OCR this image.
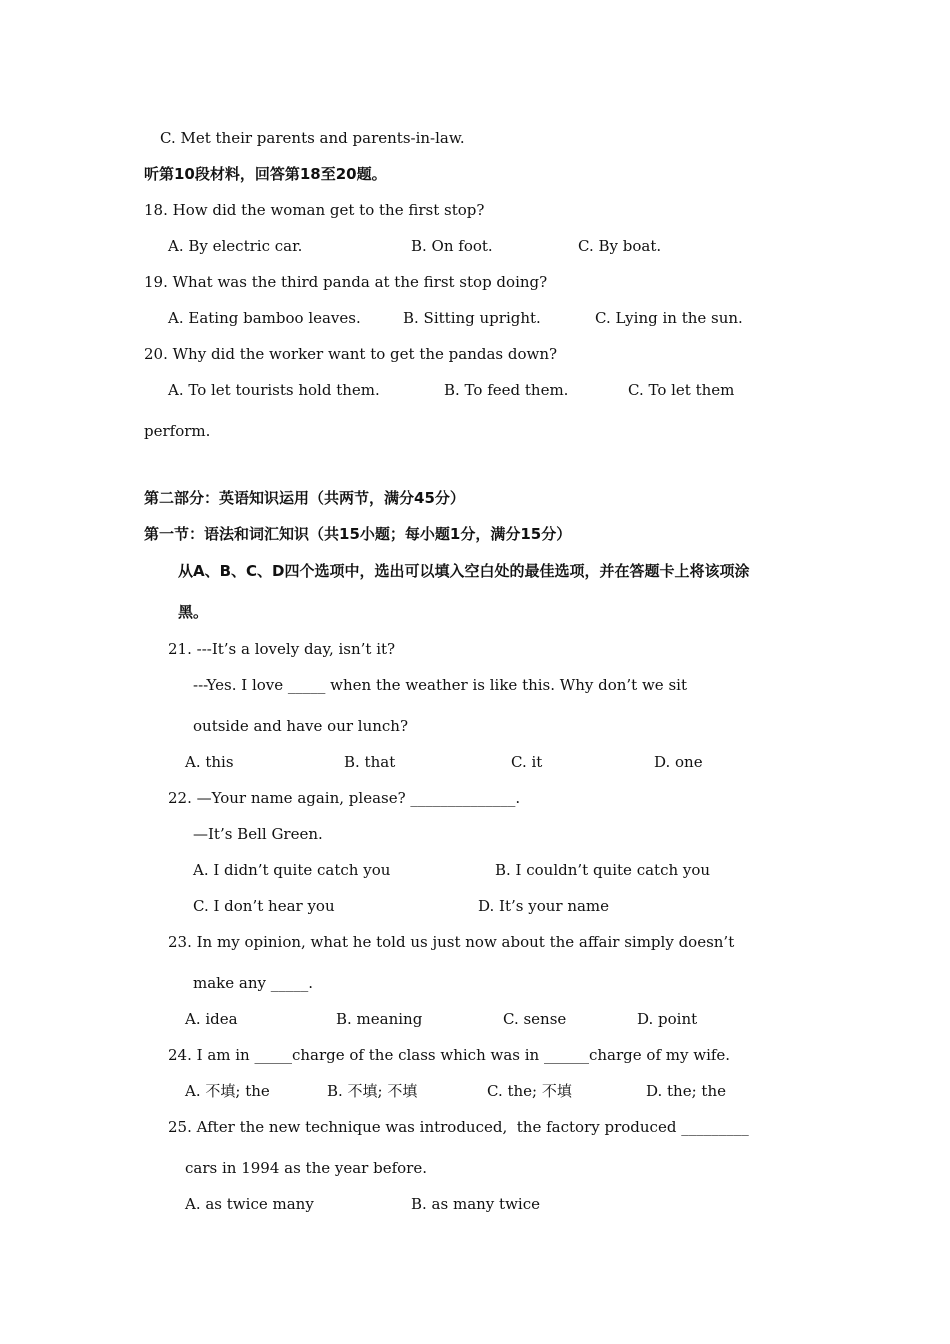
C. Met their parents and parents-in-law.
听第10段材料，回答第18至20题。
18. How did the woman get to the first stop?
A. By electric car.	B. On foot.	C. By boat.
19. What was the third panda at the first stop doing?
A. Eating bamboo leaves.	B. Sitting upright.	C. Lying in the sun.
20. Why did the worker want to get the pandas down?
A. To let tourists hold them.	B. To feed them.	C. To let them
perform.
第二部分：英语知识运用（共两节，满分45分）
第一节：语法和词汇知识（共15小题；每小题1分，满分15分）
从A、B、C、D四个选项中，选出可以填入空白处的最佳选项，并在答题卡上将该项涂
黑。
21. ---It’s a lovely day, isn’t it?
---Yes. I love _____ when the weather is like this. Why don’t we sit
outside and have our lunch?
A. this	B. that	C. it	D. one
22. —Your name again, please? ______________.
—It’s Bell Green.
A. I didn’t quite catch you	B. I couldn’t quite catch you
C. I don’t hear you	D. It’s your name
23. In my opinion, what he told us just now about the affair simply doesn’t
make any _____.
A. idea	B. meaning	C. sense	D. point
24. I am in _____charge of the class which was in ______charge of my wife.
A. 不填; the	B. 不填; 不填	C. the; 不填	D. the; the
25. After the new technique was introduced,  the factory produced _________
cars in 1994 as the year before.
A. as twice many	B. as many twice
